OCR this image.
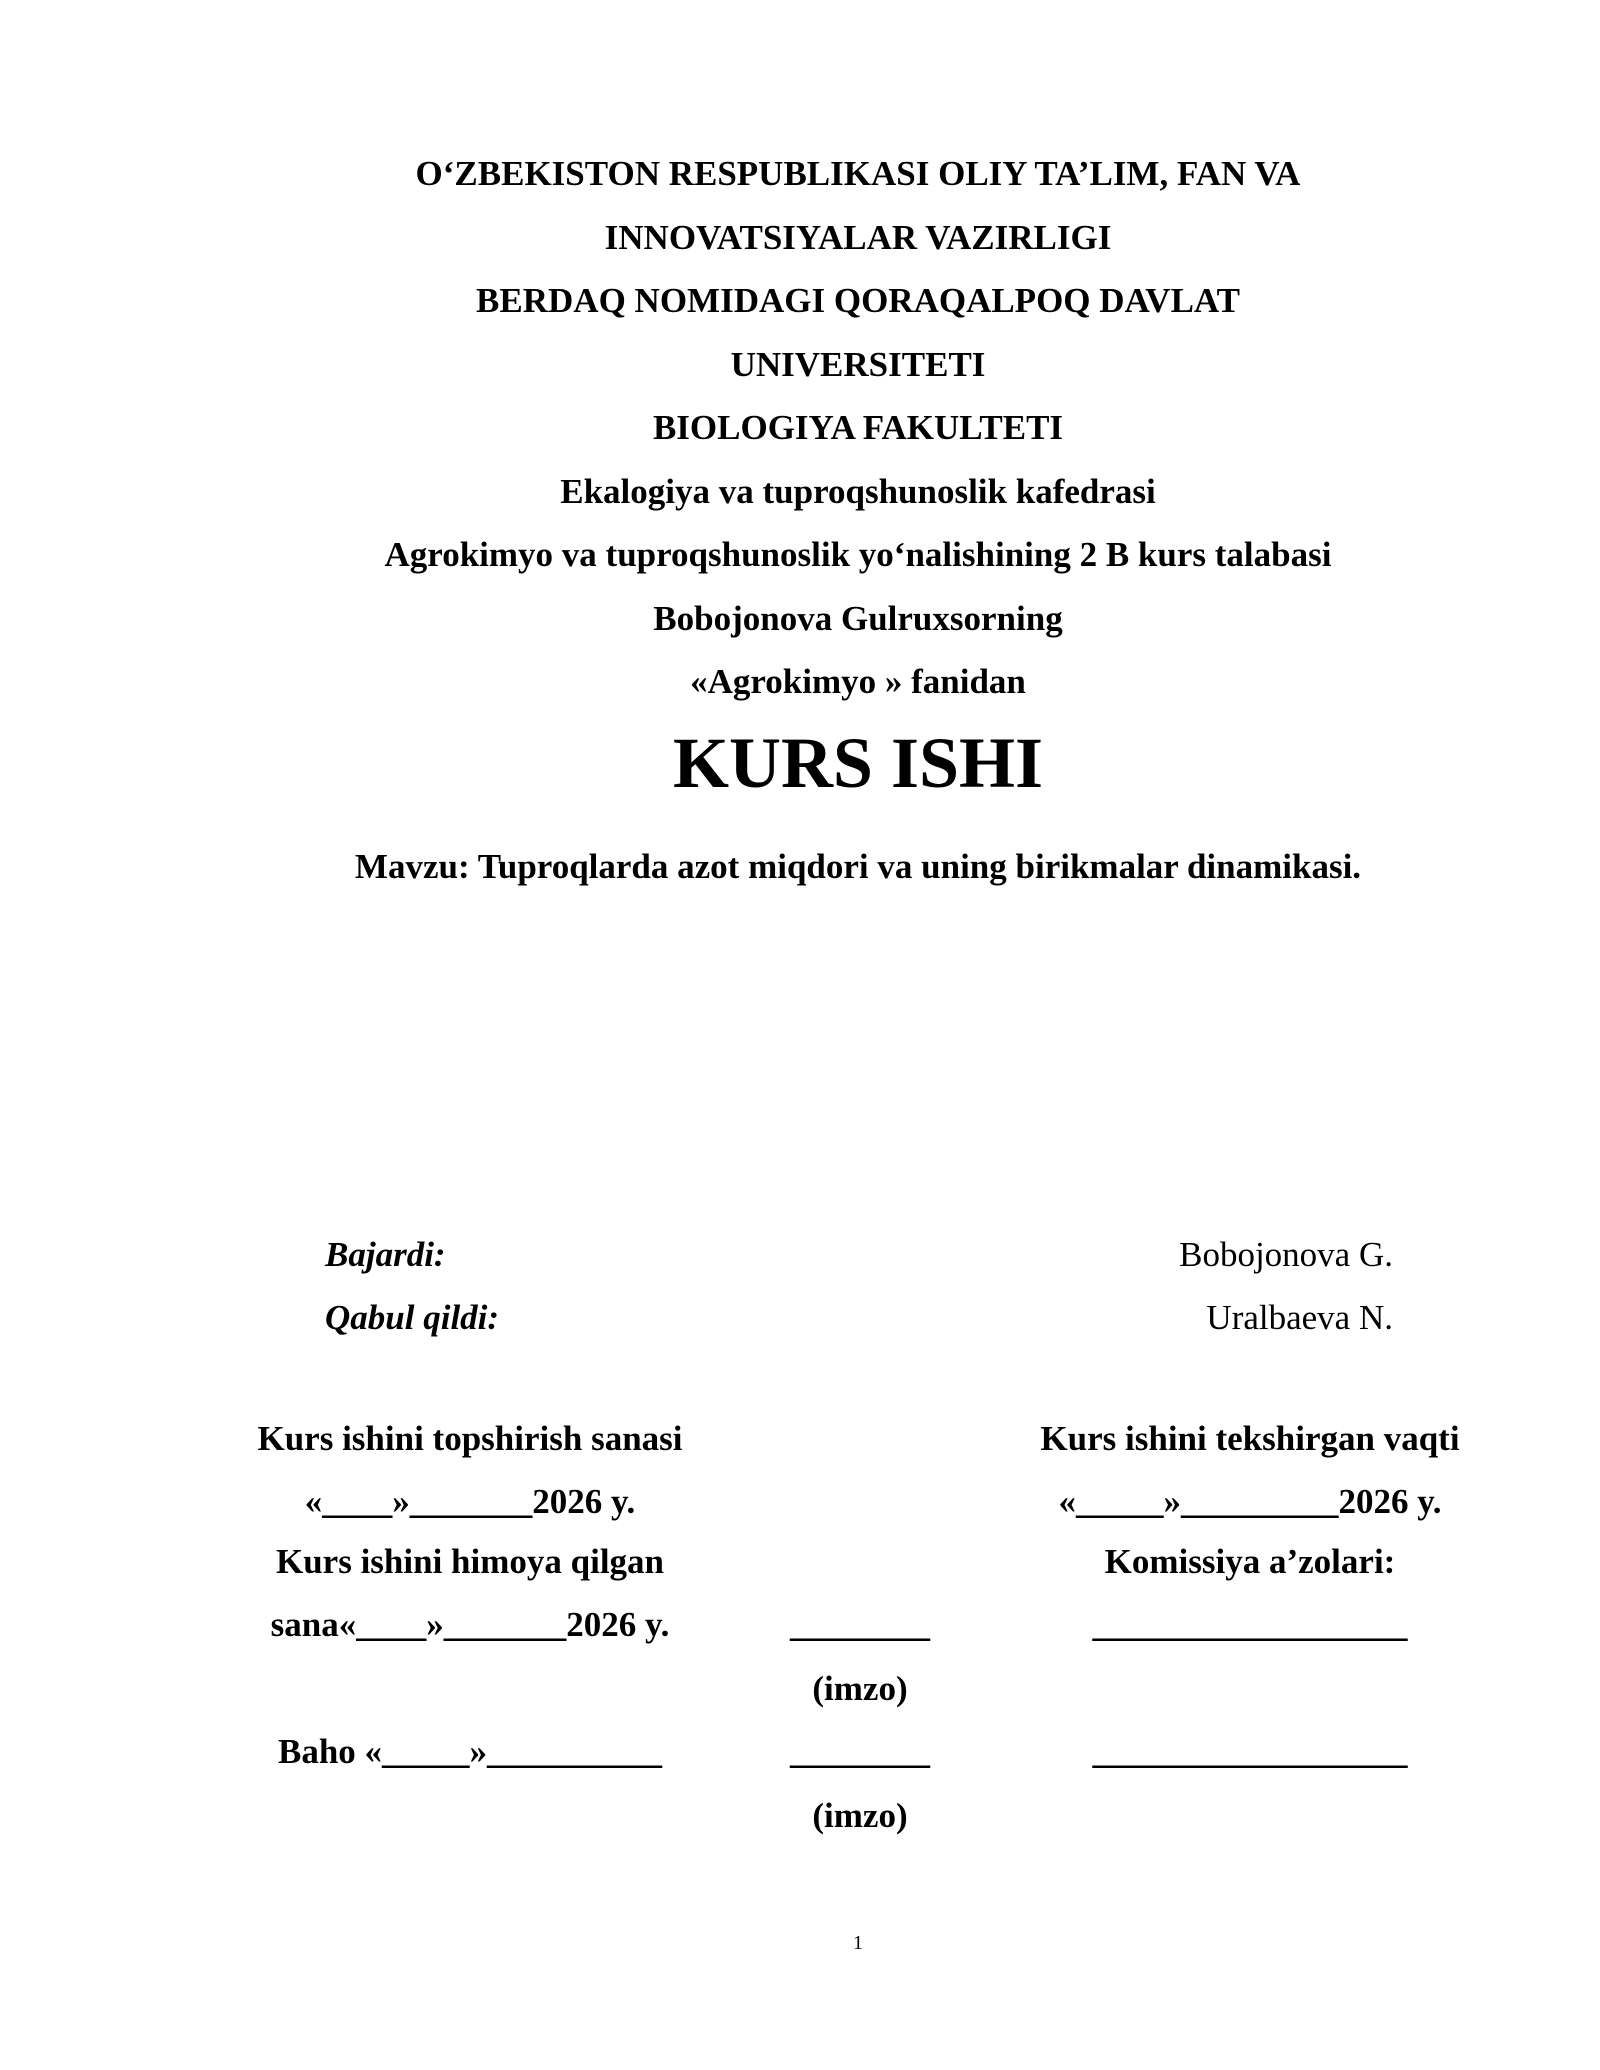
O‘ZBEKISTON RESPUBLIKASI OLIY TA’LIM, FAN VA
INNOVATSIYALAR VAZIRLIGI
BERDAQ NOMIDAGI QORAQALPOQ DAVLAT
UNIVERSITETI
BIOLOGIYA FAKULTETI
Ekalogiya va tuproqshunoslik kafedrasi
Agrokimyo va tuproqshunoslik yo‘nalishining 2 B kurs talabasi
Bobojonova Gulruxsorning
«Agrokimyo » fanidan
KURS ISHI
Mavzu: Tuproqlarda azot miqdori va uning birikmalar dinamikasi.
Bajardi:	Bobojonova G.
Qabul qildi:	Uralbaeva N.
Kurs ishini topshirish sanasi
«____»_______2026 y.
Kurs ishini himoya qilgan
sana«____»_______2026 y.
Baho «_____»__________
________
(imzo)
________
(imzo)
Kurs ishini tekshirgan vaqti
«_____»_________2026 y.
Komissiya a’zolari:
__________________
__________________
1
